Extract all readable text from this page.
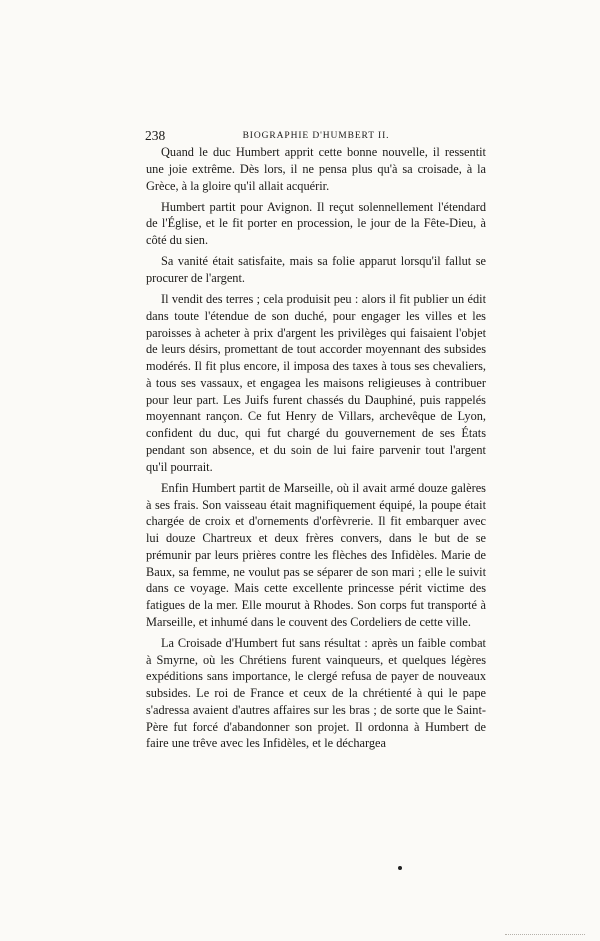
238	BIOGRAPHIE D'HUMBERT II.

Quand le duc Humbert apprit cette bonne nouvelle, il ressentit une joie extrême. Dès lors, il ne pensa plus qu'à sa croisade, à la Grèce, à la gloire qu'il allait acquérir.

Humbert partit pour Avignon. Il reçut solennellement l'étendard de l'Église, et le fit porter en procession, le jour de la Fête-Dieu, à côté du sien.

Sa vanité était satisfaite, mais sa folie apparut lorsqu'il fallut se procurer de l'argent.

Il vendit des terres ; cela produisit peu : alors il fit publier un édit dans toute l'étendue de son duché, pour engager les villes et les paroisses à acheter à prix d'argent les privilèges qui faisaient l'objet de leurs désirs, promettant de tout accorder moyennant des subsides modérés. Il fit plus encore, il imposa des taxes à tous ses chevaliers, à tous ses vassaux, et engagea les maisons religieuses à contribuer pour leur part. Les Juifs furent chassés du Dauphiné, puis rappelés moyennant rançon. Ce fut Henry de Villars, archevêque de Lyon, confident du duc, qui fut chargé du gouvernement de ses États pendant son absence, et du soin de lui faire parvenir tout l'argent qu'il pourrait.

Enfin Humbert partit de Marseille, où il avait armé douze galères à ses frais. Son vaisseau était magnifiquement équipé, la poupe était chargée de croix et d'ornements d'orfèvrerie. Il fit embarquer avec lui douze Chartreux et deux frères convers, dans le but de se prémunir par leurs prières contre les flèches des Infidèles. Marie de Baux, sa femme, ne voulut pas se séparer de son mari ; elle le suivit dans ce voyage. Mais cette excellente princesse périt victime des fatigues de la mer. Elle mourut à Rhodes. Son corps fut transporté à Marseille, et inhumé dans le couvent des Cordeliers de cette ville.

La Croisade d'Humbert fut sans résultat : après un faible combat à Smyrne, où les Chrétiens furent vainqueurs, et quelques légères expéditions sans importance, le clergé refusa de payer de nouveaux subsides. Le roi de France et ceux de la chrétienté à qui le pape s'adressa avaient d'autres affaires sur les bras ; de sorte que le Saint-Père fut forcé d'abandonner son projet. Il ordonna à Humbert de faire une trêve avec les Infidèles, et le déchargea
